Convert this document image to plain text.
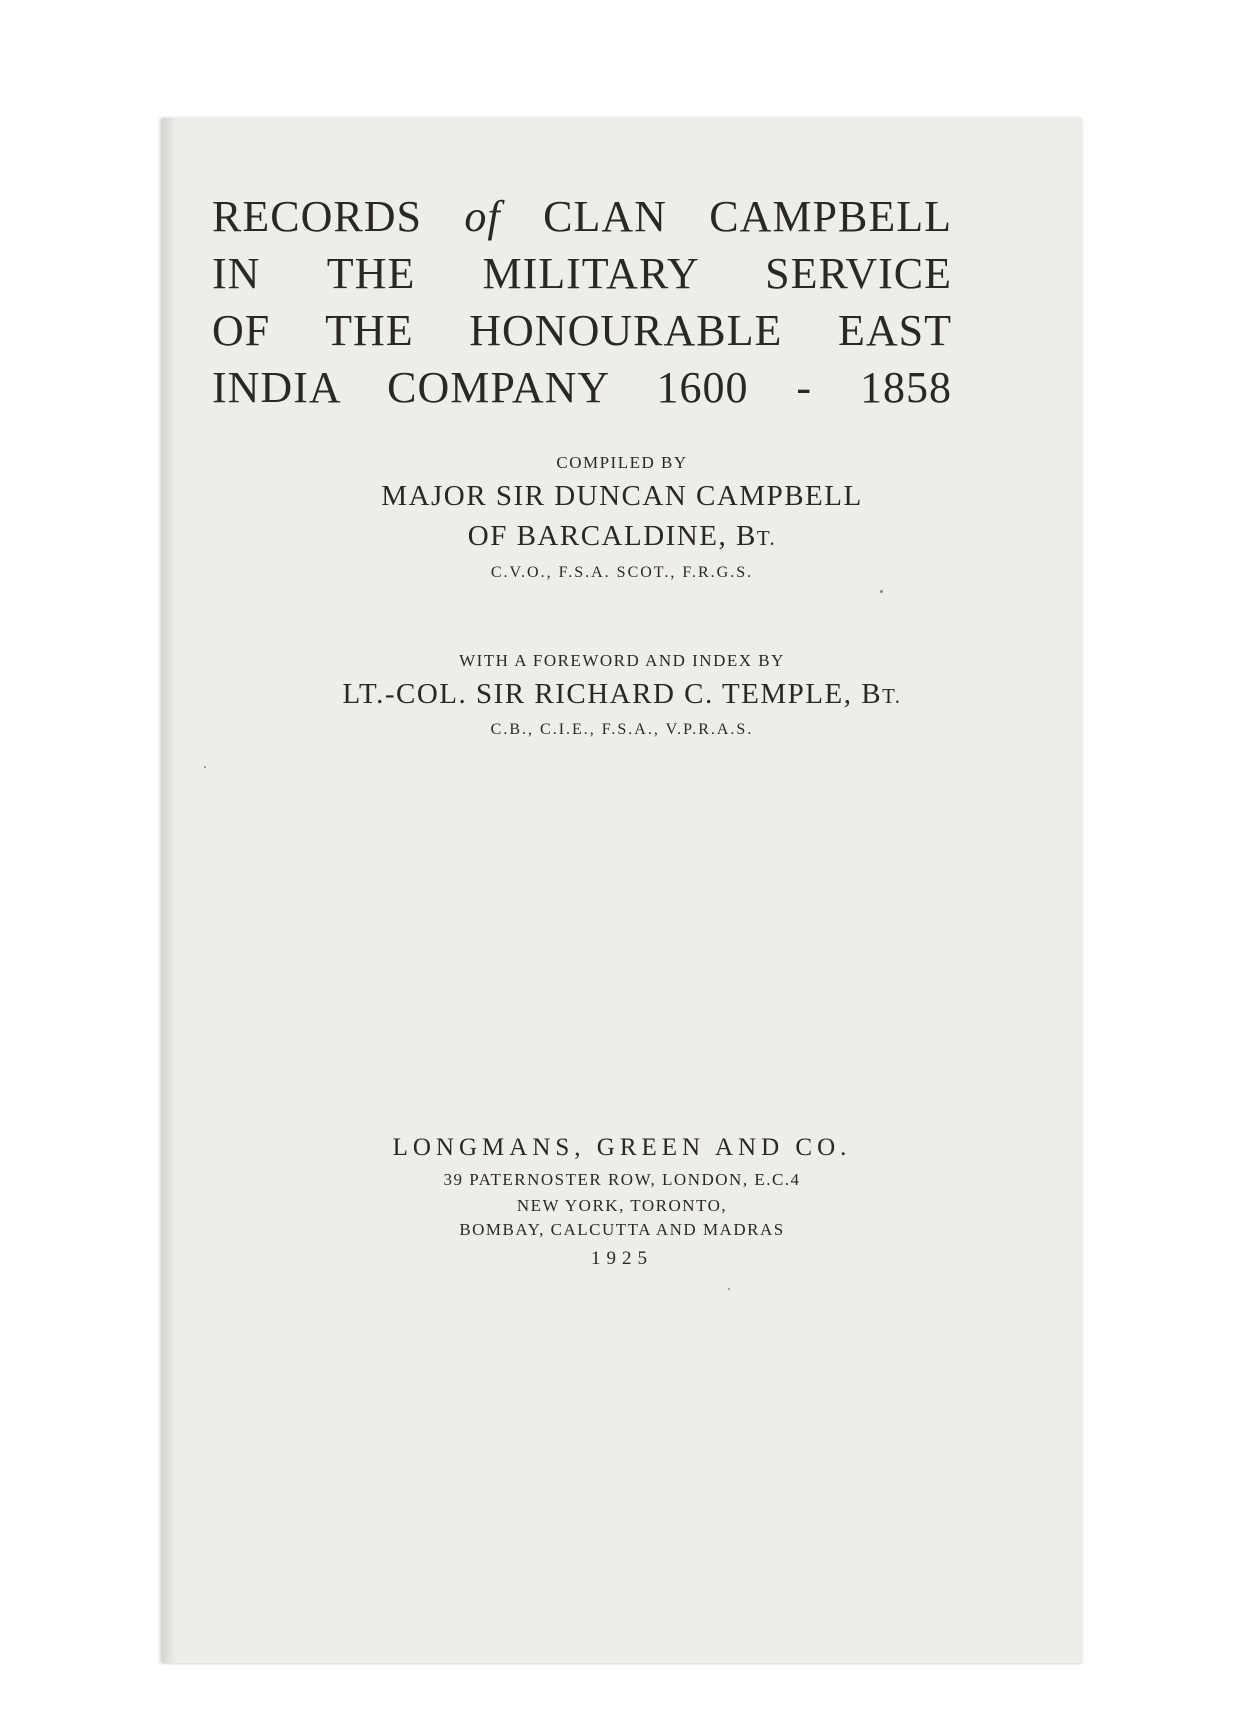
RECORDS of CLAN CAMPBELL
IN THE MILITARY SERVICE
OF THE HONOURABLE EAST
INDIA COMPANY 1600 - 1858
COMPILED BY
MAJOR SIR DUNCAN CAMPBELL
OF BARCALDINE, BT.
C.V.O., F.S.A. SCOT., F.R.G.S.
WITH A FOREWORD AND INDEX BY
LT.-COL. SIR RICHARD C. TEMPLE, BT.
C.B., C.I.E., F.S.A., V.P.R.A.S.
LONGMANS, GREEN AND CO.
39 PATERNOSTER ROW, LONDON, E.C.4
NEW YORK, TORONTO,
BOMBAY, CALCUTTA AND MADRAS
1925
